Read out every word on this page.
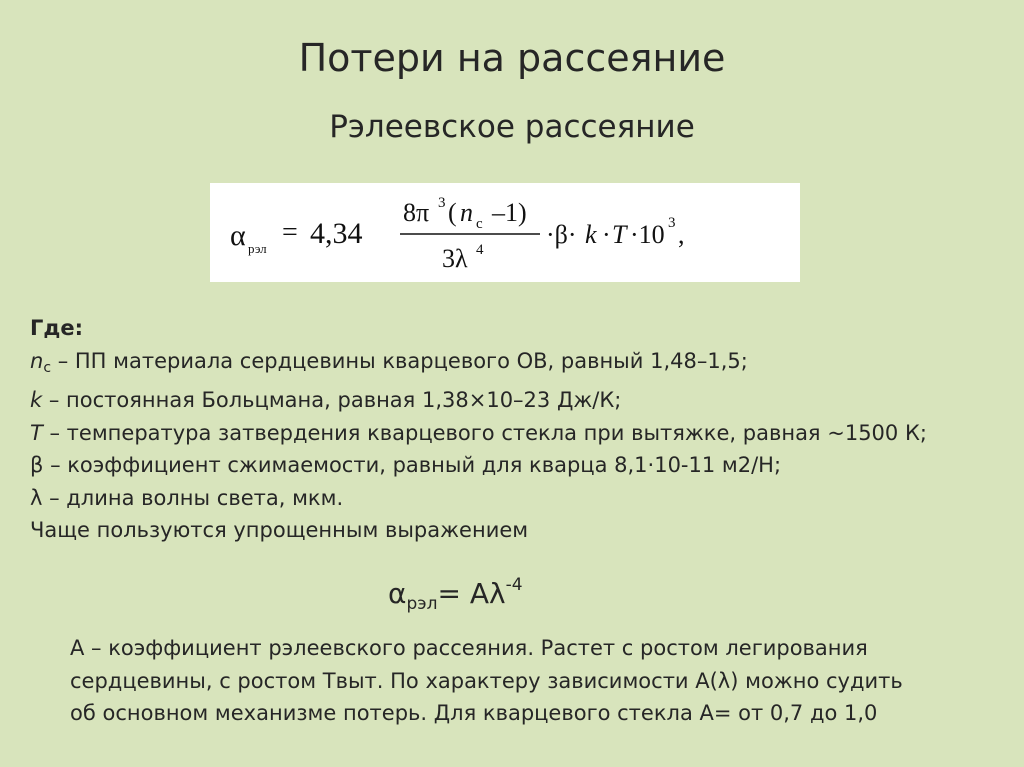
Потери на рассеяние
Рэлеевское рассеяние
α рэл
= 4,34
8π 3 ( n с –1)
3λ 4
·β· k · T ·10 3 ,
Где:
nc – ПП материала сердцевины кварцевого ОВ, равный 1,48–1,5;
k – постоянная Больцмана, равная 1,38×10–23 Дж/К;
T – температура затвердения кварцевого стекла при вытяжке, равная ~1500 К;
β – коэффициент сжимаемости, равный для кварца 8,1·10-11 м2/Н;
λ – длина волны света, мкм.
Чаще пользуются упрощенным выражением
$\alpha_{рэл}= A\lambda^{-4}$
А – коэффициент рэлеевского рассеяния. Растет с ростом легирования
сердцевины, с ростом Твыт. По характеру зависимости А(λ) можно судить
об основном механизме потерь. Для кварцевого стекла А= от 0,7 до 1,0
